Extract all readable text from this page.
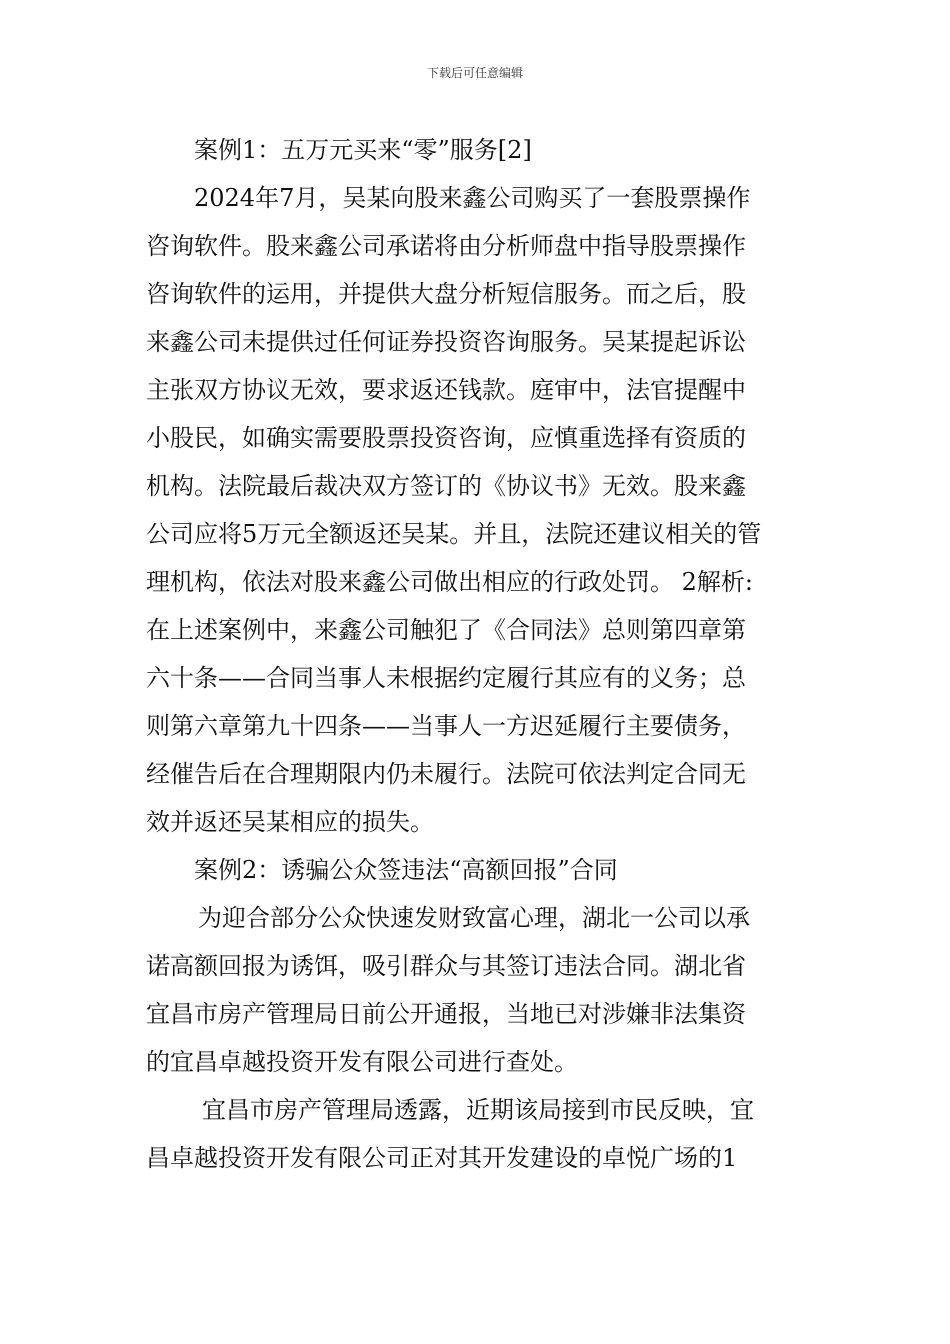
下载后可任意编辑
案例1：五万元买来“零”服务[2]
2024年7月，吴某向股来鑫公司购买了一套股票操作
咨询软件。股来鑫公司承诺将由分析师盘中指导股票操作
咨询软件的运用，并提供大盘分析短信服务。而之后，股
来鑫公司未提供过任何证券投资咨询服务。吴某提起诉讼
主张双方协议无效，要求返还钱款。庭审中，法官提醒中
小股民，如确实需要股票投资咨询，应慎重选择有资质的
机构。法院最后裁决双方签订的《协议书》无效。股来鑫
公司应将5万元全额返还吴某。并且，法院还建议相关的管
理机构，依法对股来鑫公司做出相应的行政处罚。 2解析:
在上述案例中，来鑫公司触犯了《合同法》总则第四章第
六十条——合同当事人未根据约定履行其应有的义务；总
则第六章第九十四条——当事人一方迟延履行主要债务，
经催告后在合理期限内仍未履行。法院可依法判定合同无
效并返还吴某相应的损失。
案例2：诱骗公众签违法“高额回报”合同
为迎合部分公众快速发财致富心理，湖北一公司以承
诺高额回报为诱饵，吸引群众与其签订违法合同。湖北省
宜昌市房产管理局日前公开通报，当地已对涉嫌非法集资
的宜昌卓越投资开发有限公司进行查处。
宜昌市房产管理局透露，近期该局接到市民反映，宜
昌卓越投资开发有限公司正对其开发建设的卓悦广场的1
